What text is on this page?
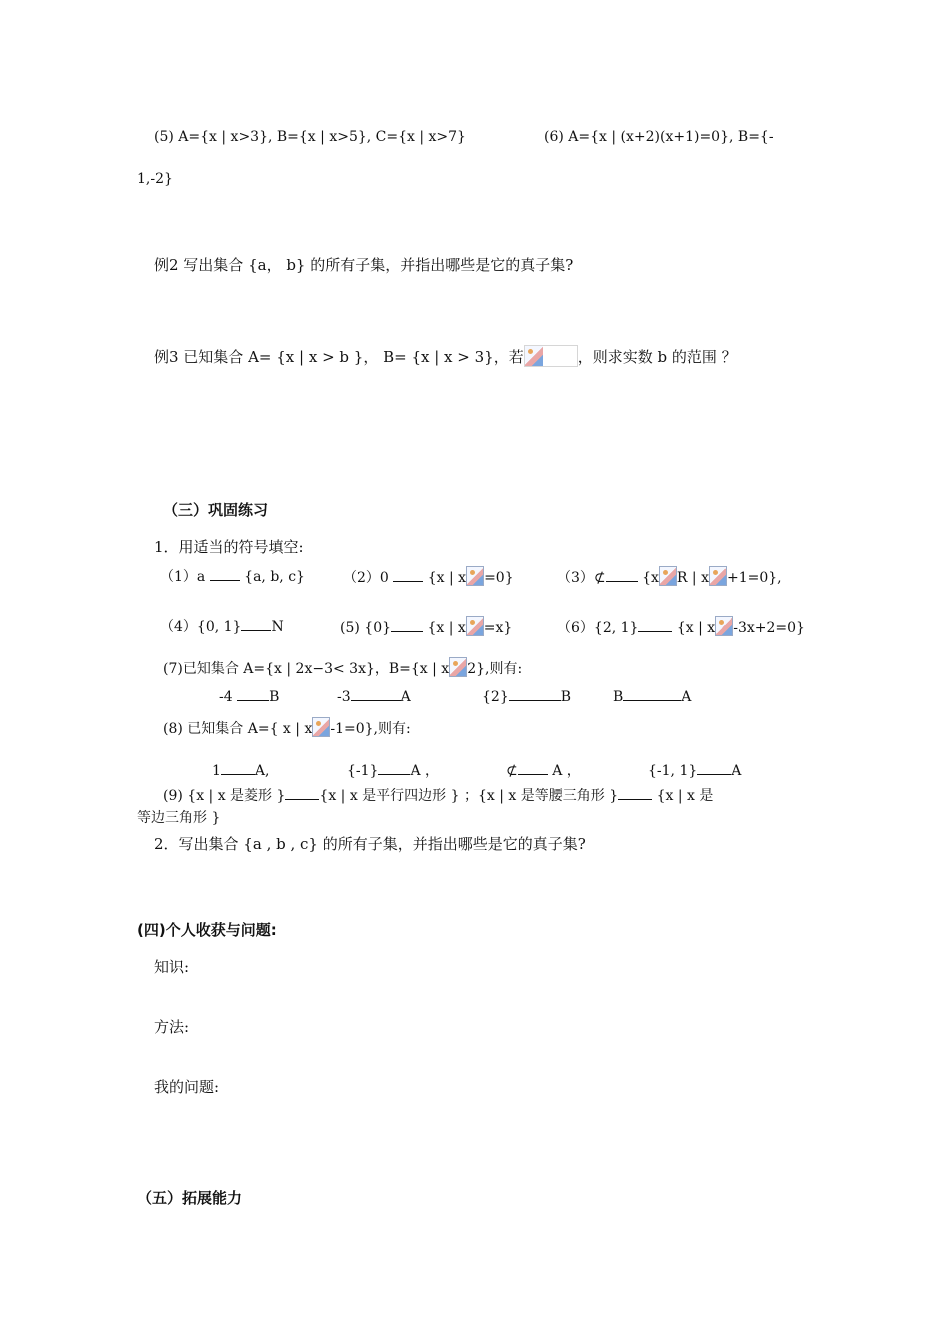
(5) A={x | x>3}, B={x | x>5}, C={x | x>7}	(6) A={x | (x+2)(x+1)=0}, B={-
1,-2}
例2 写出集合 {a， b} 的所有子集，并指出哪些是它的真子集?
例3 已知集合 A= {x | x > b }， B= {x | x > 3}，若	，则求实数 b 的范围 ？
（三）巩固练习
1．用适当的符号填空:
（1）a	{a, b, c}	（2）0	{x | x =0}	（3）⊄	{x R | x +1=0},
（4）{0, 1} N	(5) {0}	{x | x =x}	（6）{2, 1}	{x | x -3x+2=0}
(7)已知集合 A={x | 2x−3< 3x}，B={x | x 2},则有:
-4	B	-3	A	{2}	B	B	A
(8) 已知集合 A={ x | x -1=0},则有:
1 A,	{-1} A ，	⊄ A ，	{-1, 1} A
(9) {x | x 是菱形 } {x | x 是平行四边形 } ；{x | x 是等腰三角形 }	{x | x 是
等边三角形 }
2．写出集合 {a , b , c} 的所有子集，并指出哪些是它的真子集?
(四)个人收获与问题:
知识:
方法:
我的问题:
（五）拓展能力
